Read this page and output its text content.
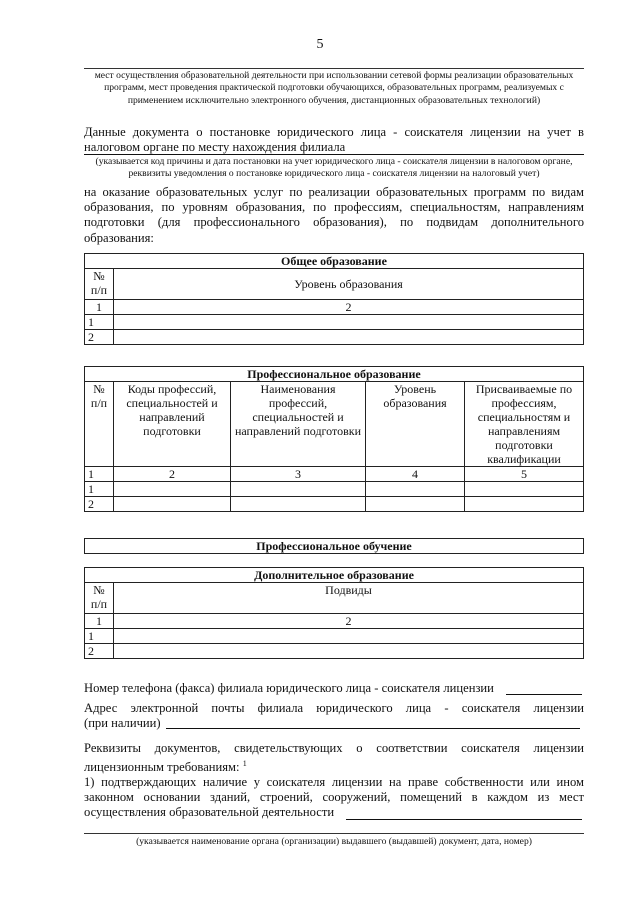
5
мест осуществления образовательной деятельности при использовании сетевой формы реализации образовательных программ, мест проведения практической подготовки обучающихся, образовательных программ, реализуемых с применением исключительно электронного обучения, дистанционных образовательных технологий)
Данные документа о постановке юридического лица - соискателя лицензии на учет в
налоговом органе по месту нахождения филиала
(указывается код причины и дата постановки на учет юридического лица - соискателя лицензии в налоговом органе, реквизиты уведомления о постановке юридического лица - соискателя лицензии на налоговый учет)
на оказание образовательных услуг по реализации образовательных программ по видам образования, по уровням образования, по профессиям, специальностям, направлениям подготовки (для профессионального образования), по подвидам дополнительного образования:
Общее образование	
№ п/п	Уровень образования
1	2
1	
2	
Профессиональное образование				
№ п/п	Коды профессий, специальностей и направлений подготовки	Наименования профессий, специальностей и направлений подготовки	Уровень образования	Присваиваемые по профессиям, специальностям и направлениям подготовки квалификации
1	2	3	4	5
1				
2				
Профессиональное обучение
Дополнительное образование	
№ п/п	Подвиды
1	2
1	
2	
Номер телефона (факса) филиала юридического лица - соискателя лицензии
Адрес электронной почты филиала юридического лица - соискателя лицензии
(при наличии)
Реквизиты документов, свидетельствующих о соответствии соискателя лицензии лицензионным требованиям: $^1$
1) подтверждающих наличие у соискателя лицензии на праве собственности или ином законном основании зданий, строений, сооружений, помещений в каждом из мест осуществления образовательной деятельности
(указывается наименование органа (организации) выдавшего (выдавшей) документ, дата, номер)
